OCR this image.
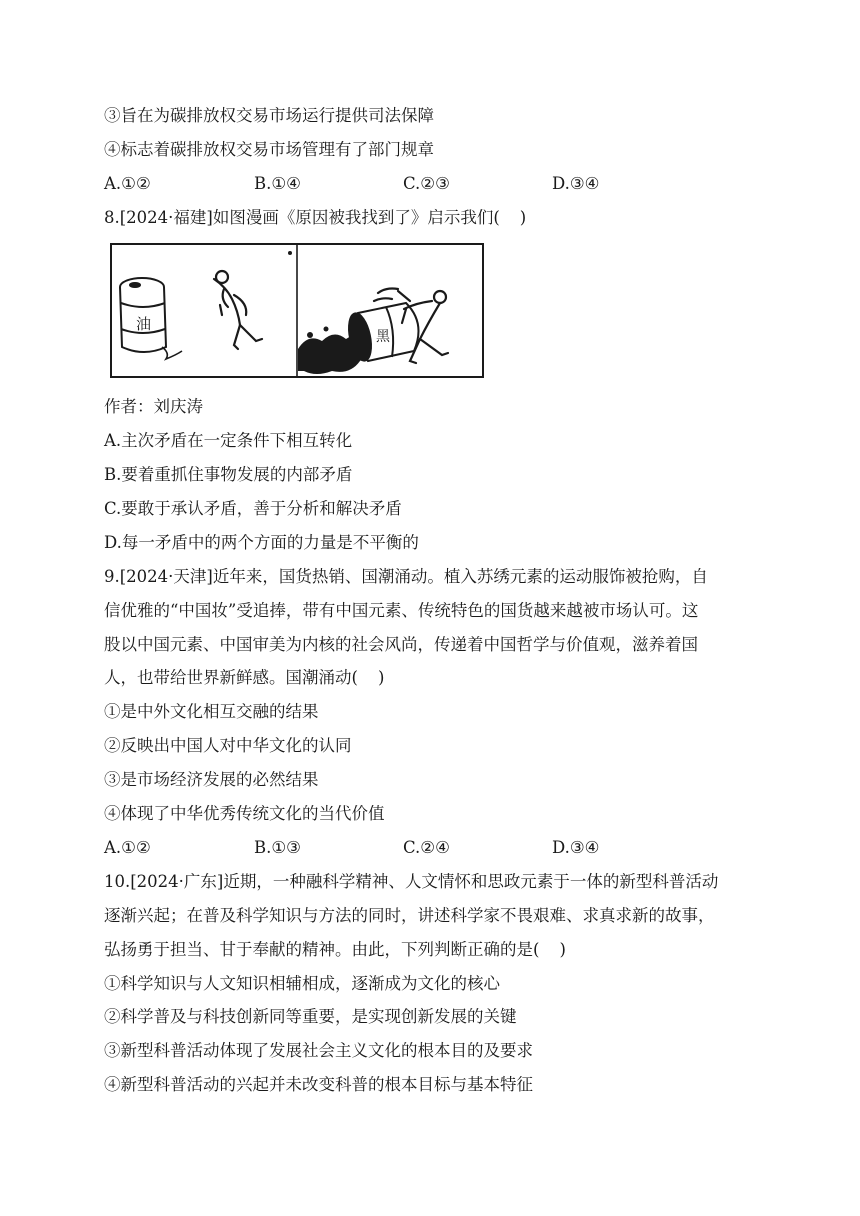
③旨在为碳排放权交易市场运行提供司法保障
④标志着碳排放权交易市场管理有了部门规章
A.①②	B.①④	C.②③	D.③④
8.[2024·福建]如图漫画《原因被我找到了》启示我们( )
油
黑
作者：刘庆涛
A.主次矛盾在一定条件下相互转化
B.要着重抓住事物发展的内部矛盾
C.要敢于承认矛盾，善于分析和解决矛盾
D.每一矛盾中的两个方面的力量是不平衡的
9.[2024·天津]近年来，国货热销、国潮涌动。植入苏绣元素的运动服饰被抢购，自
信优雅的“中国妆”受追捧，带有中国元素、传统特色的国货越来越被市场认可。这
股以中国元素、中国审美为内核的社会风尚，传递着中国哲学与价值观，滋养着国
人，也带给世界新鲜感。国潮涌动( )
①是中外文化相互交融的结果
②反映出中国人对中华文化的认同
③是市场经济发展的必然结果
④体现了中华优秀传统文化的当代价值
A.①②	B.①③	C.②④	D.③④
10.[2024·广东]近期，一种融科学精神、人文情怀和思政元素于一体的新型科普活动
逐渐兴起；在普及科学知识与方法的同时，讲述科学家不畏艰难、求真求新的故事，
弘扬勇于担当、甘于奉献的精神。由此，下列判断正确的是( )
①科学知识与人文知识相辅相成，逐渐成为文化的核心
②科学普及与科技创新同等重要，是实现创新发展的关键
③新型科普活动体现了发展社会主义文化的根本目的及要求
④新型科普活动的兴起并未改变科普的根本目标与基本特征
